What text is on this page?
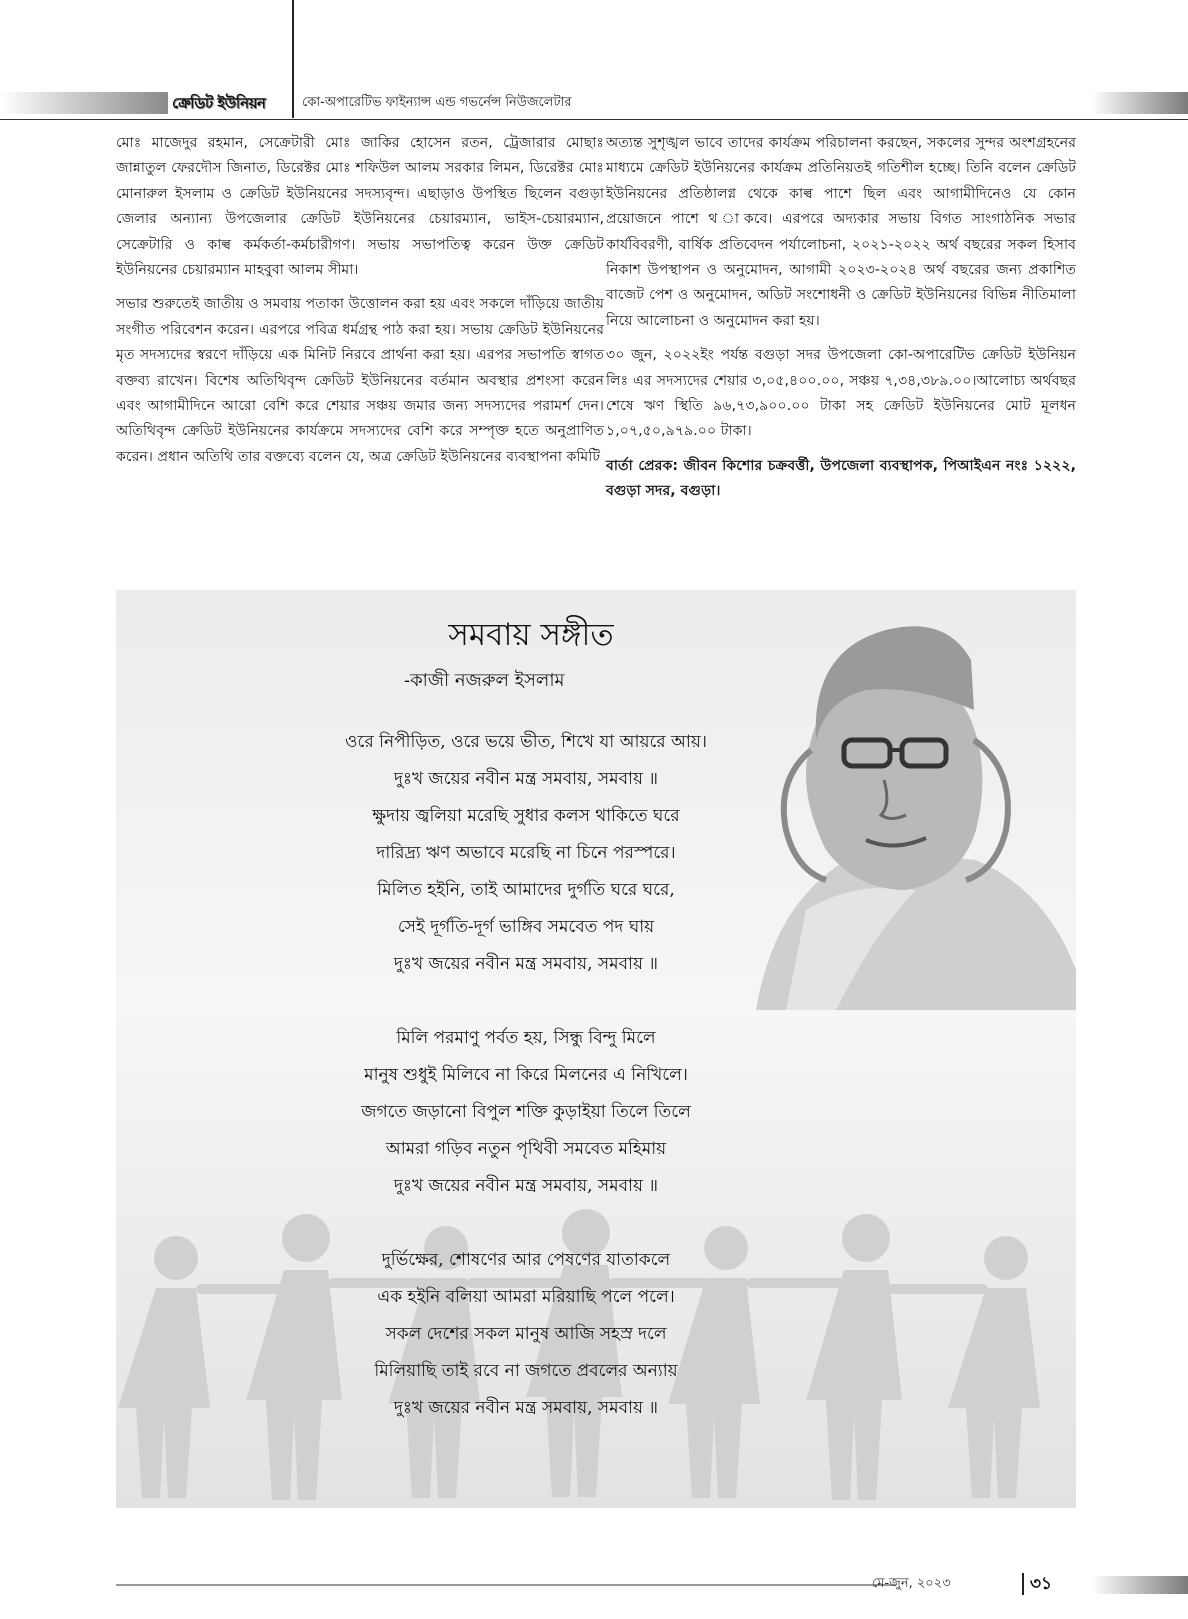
ক্রেডিট ইউনিয়ন	কো-অপারেটিভ ফাইন্যান্স এন্ড গভর্নেন্স নিউজলেটার

মোঃ মাজেদুর রহমান, সেক্রেটারী মোঃ জাকির হোসেন রতন, ট্রেজারার মোছাঃ জান্নাতুল ফেরদৌস জিনাত, ডিরেক্টর মোঃ শফিউল আলম সরকার লিমন, ডিরেক্টর মোঃ মোনারুল ইসলাম ও ক্রেডিট ইউনিয়নের সদস্যবৃন্দ। এছাড়াও উপস্থিত ছিলেন বগুড়া জেলার অন্যান্য উপজেলার ক্রেডিট ইউনিয়নের চেয়ারম্যান, ভাইস-চেয়ারম্যান, সেক্রেটারি ও কাল্ব কর্মকর্তা-কর্মচারীগণ। সভায় সভাপতিত্ব করেন উক্ত ক্রেডিট ইউনিয়নের চেয়ারম্যান মাহবুবা আলম সীমা।

সভার শুরুতেই জাতীয় ও সমবায় পতাকা উত্তোলন করা হয় এবং সকলে দাঁড়িয়ে জাতীয় সংগীত পরিবেশন করেন। এরপরে পবিত্র ধর্মগ্রন্থ পাঠ করা হয়। সভায় ক্রেডিট ইউনিয়নের মৃত সদস্যদের স্বরণে দাঁড়িয়ে এক মিনিট নিরবে প্রার্থনা করা হয়। এরপর সভাপতি স্বাগত বক্তব্য রাখেন। বিশেষ অতিথিবৃন্দ ক্রেডিট ইউনিয়নের বর্তমান অবস্থার প্রশংসা করেন এবং আগামীদিনে আরো বেশি করে শেয়ার সঞ্চয় জমার জন্য সদস্যদের পরামর্শ দেন। অতিথিবৃন্দ ক্রেডিট ইউনিয়নের কার্যক্রমে সদস্যদের বেশি করে সম্পৃক্ত হতে অনুপ্রাণিত করেন। প্রধান অতিথি তার বক্তব্যে বলেন যে, অত্র ক্রেডিট ইউনিয়নের ব্যবস্থাপনা কমিটি

অত্যন্ত সুশৃঙ্খল ভাবে তাদের কার্যক্রম পরিচালনা করছেন, সকলের সুন্দর অংশগ্রহনের মাধ্যমে ক্রেডিট ইউনিয়নের কার্যক্রম প্রতিনিয়তই গতিশীল হচ্ছে। তিনি বলেন ক্রেডিট ইউনিয়নের প্রতিষ্ঠালগ্ন থেকে কাল্ব পাশে ছিল এবং আগামীদিনেও যে কোন প্রয়োজনে পাশে থ াকবে। এরপরে অদ্যকার সভায় বিগত সাংগাঠনিক সভার কার্যবিবরণী, বার্ষিক প্রতিবেদন পর্যালোচনা, ২০২১-২০২২ অর্থ বছরের সকল হিসাব নিকাশ উপস্থাপন ও অনুমোদন, আগামী ২০২৩-২০২৪ অর্থ বছরের জন্য প্রকাশিত বাজেট পেশ ও অনুমোদন, অডিট সংশোধনী ও ক্রেডিট ইউনিয়নের বিভিন্ন নীতিমালা নিয়ে আলোচনা ও অনুমোদন করা হয়।

৩০ জুন, ২০২২ইং পর্যন্ত বগুড়া সদর উপজেলা কো-অপারেটিভ ক্রেডিট ইউনিয়ন লিঃ এর সদস্যদের শেয়ার ৩,০৫,৪০০.০০, সঞ্চয় ৭,৩৪,৩৮৯.০০।আলোচ্য অর্থবছর শেষে ঋণ স্থিতি ৯৬,৭৩,৯০০.০০ টাকা সহ ক্রেডিট ইউনিয়নের মোট মূলধন ১,০৭,৫০,৯৭৯.০০ টাকা।

বার্তা প্রেরক: জীবন কিশোর চক্রবর্ত্তী, উপজেলা ব্যবস্থাপক, পিআইএন নংঃ ১২২২, বগুড়া সদর, বগুড়া।

সমবায় সঙ্গীত
-কাজী নজরুল ইসলাম
ওরে নিপীড়িত, ওরে ভয়ে ভীত, শিখে যা আয়রে আয়।
দুঃখ জয়ের নবীন মন্ত্র সমবায়, সমবায় ॥
ক্ষুদায় জ্বলিয়া মরেছি সুধার কলস থাকিতে ঘরে
দারিদ্র্য ঋণ অভাবে মরেছি না চিনে পরস্পরে।
মিলিত হইনি, তাই আমাদের দুর্গতি ঘরে ঘরে,
সেই দূর্গতি-দূর্গ ভাঙ্গিব সমবেত পদ ঘায়
দুঃখ জয়ের নবীন মন্ত্র সমবায়, সমবায় ॥
মিলি পরমাণু পর্বত হয়, সিন্ধু বিন্দু মিলে
মানুষ শুধুই মিলিবে না কিরে মিলনের এ নিখিলে।
জগতে জড়ানো বিপুল শক্তি কুড়াইয়া তিলে তিলে
আমরা গড়িব নতুন পৃথিবী সমবেত মহিমায়
দুঃখ জয়ের নবীন মন্ত্র সমবায়, সমবায় ॥
দুর্ভিক্ষের, শোষণের আর পেষণের যাতাকলে
এক হইনি বলিয়া আমরা মরিয়াছি পলে পলে।
সকল দেশের সকল মানুষ আজি সহস্র দলে
মিলিয়াছি তাই রবে না জগতে প্রবলের অন্যায়
দুঃখ জয়ের নবীন মন্ত্র সমবায়, সমবায় ॥
মে-জুন, ২০২৩	৩১
